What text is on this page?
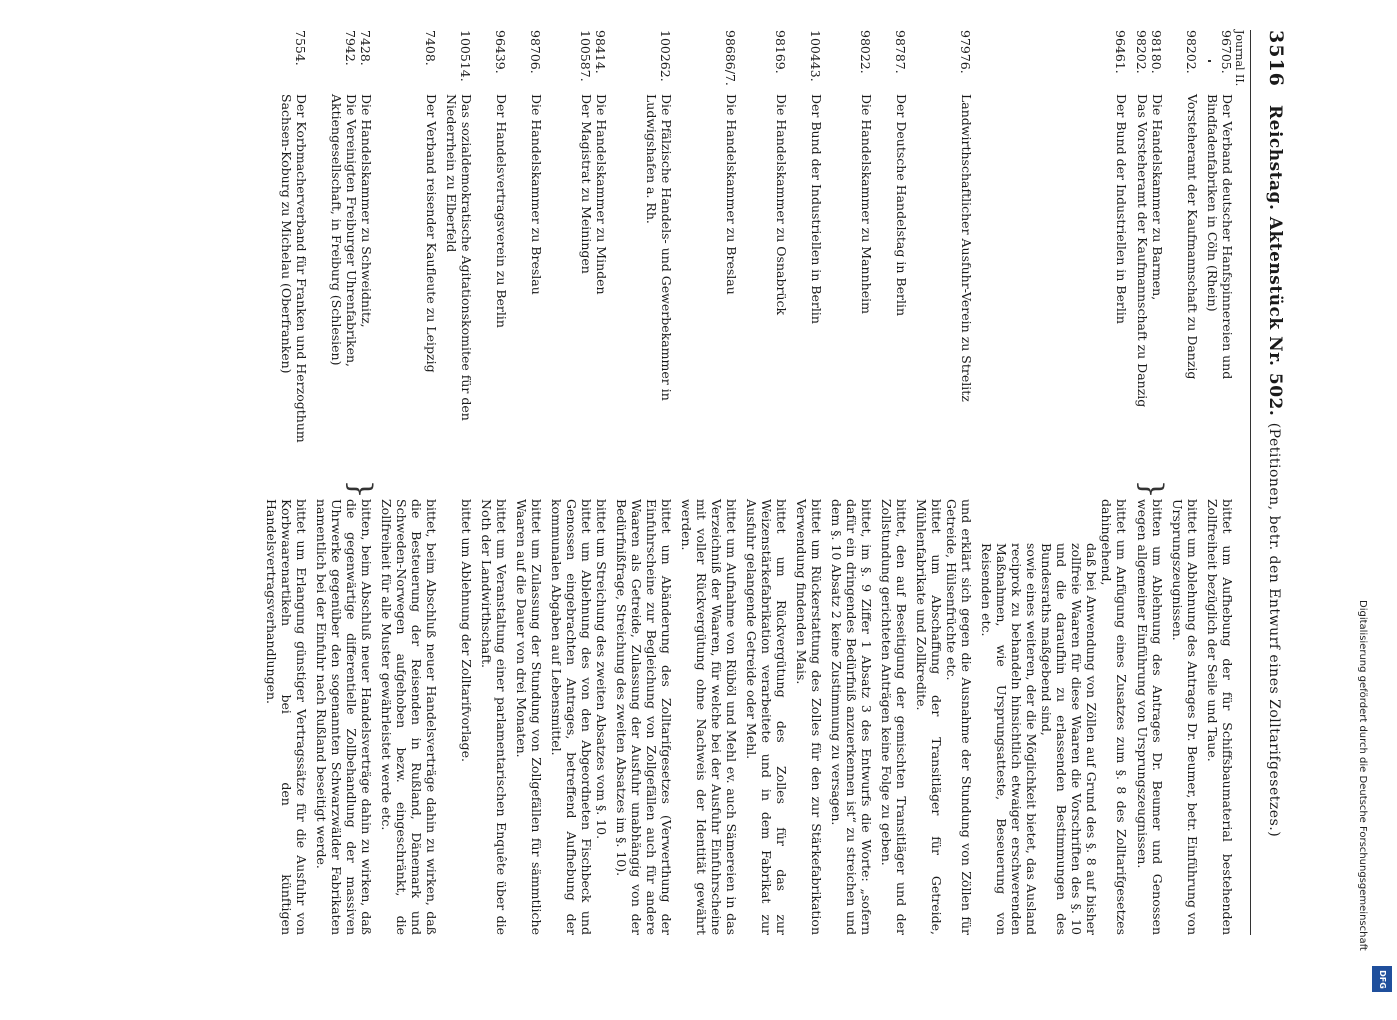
3516
Reichstag. Aktenstück Nr. 502. (Petitionen, betr. den Entwurf eines Zolltarifgesetzes.)
Journal II.
96705.
Der Verband deutscher Hanfspinnereien und Bindfadenfabriken in Cöln (Rhein)
bittet um Aufhebung der für Schiffsbaumaterial bestehenden Zollfreiheit bezüglich der Seile und Taue.
98202.
Vorsteheramt der Kaufmannschaft zu Danzig
bittet um Ablehnung des Antrages Dr. Beumer, betr. Einführung von Ursprungszeugnissen.
98180.
98202.
Die Handelskammer zu Barmen,
Das Vorsteheramt der Kaufmannschaft zu Danzig
}
bitten um Ablehnung des Antrages Dr. Beumer und Genossen wegen allgemeiner Einführung von Ursprungszeugnissen.
96461.
Der Bund der Industriellen in Berlin
bittet um Anfügung eines Zusatzes zum §. 8 des Zolltarifgesetzes dahingehend,
daß bei Anwendung von Zöllen auf Grund des §. 8 auf bisher zollfreie Waaren für diese Waaren die Vorschriften des §. 10 und die daraufhin zu erlassenden Bestimmungen des Bundesraths maßgebend sind,
sowie eines weiteren, der die Möglichkeit bietet, das Ausland reciprok zu behandeln hinsichtlich etwaiger erschwerenden Maßnahmen, wie Ursprungsatteste, Beseuerung von Reisenden etc.
97976.
Landwirthschaftlicher Ausfuhr-Verein zu Strelitz
und erklärt sich gegen die Ausnahme der Stundung von Zöllen für Getreide, Hülsenfrüchte etc.
bittet um Abschaffung der Transitläger für Getreide, Mühlenfabrikate und Zollkredite.
98787.
Der Deutsche Handelstag in Berlin
bittet, den auf Beseitigung der gemischten Transitläger und der Zollstundung gerichteten Anträgen keine Folge zu geben.
98022.
Die Handelskammer zu Mannheim
bittet, im §. 9 Ziffer 1 Absatz 3 des Entwurfs die Worte: „sofern dafür ein dringendes Bedürfniß anzuerkennen ist“ zu streichen und dem §. 10 Absatz 2 keine Zustimmung zu versagen.
100443.
Der Bund der Industriellen in Berlin
bittet um Rückerstattung des Zolles für den zur Stärkefabrikation Verwendung findenden Mais.
98169.
Die Handelskammer zu Osnabrück
bittet um Rückvergütung des Zolles für das zur Weizenstärkefabrikation verarbeitete und in dem Fabrikat zur Ausfuhr gelangende Getreide oder Mehl.
98686/7.
Die Handelskammer zu Breslau
bittet um Aufnahme von Rüböl und Mehl ev. auch Sämereien in das Verzeichniß der Waaren, für welche bei der Ausfuhr Einfuhrscheine mit voller Rückvergütung ohne Nachweis der Identität gewährt werden.
100262.
Die Pfälzische Handels- und Gewerbekammer in Ludwigshafen a. Rh.
bittet um Abänderung des Zolltarifgesetzes (Verwerthung der Einfuhrscheine zur Begleichung von Zollgefällen auch für andere Waaren als Getreide, Zulassung der Ausfuhr unabhängig von der Bedürfnißfrage, Streichung des zweiten Absatzes im §. 10).
98414.
100587.
Die Handelskammer zu Minden
Der Magistrat zu Meiningen
bittet um Streichung des zweiten Absatzes vom §. 10.
bittet um Ablehnung des von den Abgeordneten Fischbeck und Genossen eingebrachten Antrages, betreffend Aufhebung der kommunalen Abgaben auf Lebensmittel.
98706.
Die Handelskammer zu Breslau
bittet um Zulassung der Stundung von Zollgefällen für sämmtliche Waaren auf die Dauer von drei Monaten.
96439.
Der Handelsvertragsverein zu Berlin
bittet um Veranstaltung einer parlamentarischen Enquête über die Noth der Landwirthschaft.
100514.
Das sozialdemokratische Agitationskomitee für den Niederrhein zu Elberfeld
bittet um Ablehnung der Zolltarifvorlage.
7408.
Der Verband reisender Kaufleute zu Leipzig
bittet, beim Abschluß neuer Handelsverträge dahin zu wirken, daß die Besteuerung der Reisenden in Rußland, Dänemark und Schweden-Norwegen aufgehoben bezw. eingeschränkt, die Zollfreiheit für alle Muster gewährleistet werde etc.
7428.
7942.
Die Handelskammer zu Schweidnitz,
Die Vereinigten Freiburger Uhrenfabriken, Aktiengesellschaft, in Freiburg (Schlesien)
}
bitten, beim Abschluß neuer Handelsverträge dahin zu wirken, daß die gegenwärtige differentielle Zollbehandlung der massiven Uhrwerke gegenüber den sogenannten Schwarzwälder Fabrikaten namentlich bei der Einfuhr nach Rußland beseitigt werde.
7554.
Der Korbmacherverband für Franken und Herzogthum Sachsen-Koburg zu Michelau (Oberfranken)
bittet um Erlangung günstiger Vertragssätze für die Ausfuhr von Korbwaarenartikeln bei den künftigen Handelsvertragsverhandlungen.	Digitalisierung gefördert durch die Deutsche Forschungsgemeinschaft
DFG
